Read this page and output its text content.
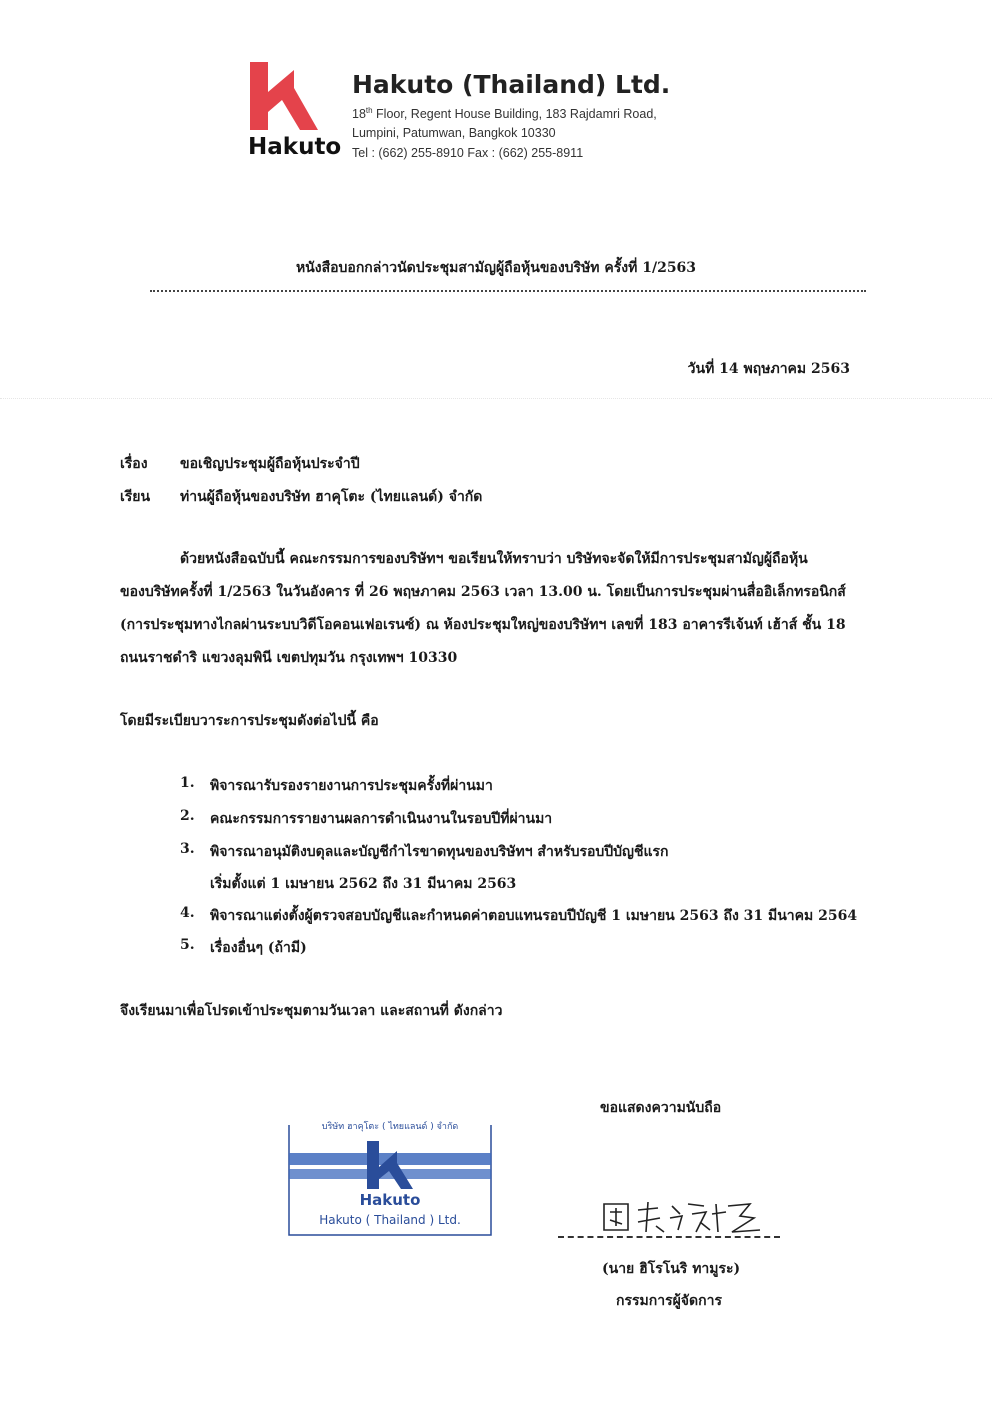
Hakuto
Hakuto (Thailand) Ltd.
18th Floor, Regent House Building, 183 Rajdamri Road,
Lumpini, Patumwan, Bangkok 10330
Tel : (662) 255-8910 Fax : (662) 255-8911
หนังสือบอกกล่าวนัดประชุมสามัญผู้ถือหุ้นของบริษัท ครั้งที่ 1/2563
วันที่ 14 พฤษภาคม 2563
เรื่อง ขอเชิญประชุมผู้ถือหุ้นประจำปี
เรียน ท่านผู้ถือหุ้นของบริษัท ฮาคุโตะ (ไทยแลนด์) จำกัด
ด้วยหนังสือฉบับนี้ คณะกรรมการของบริษัทฯ ขอเรียนให้ทราบว่า บริษัทจะจัดให้มีการประชุมสามัญผู้ถือหุ้น
ของบริษัทครั้งที่ 1/2563 ในวันอังคาร ที่ 26 พฤษภาคม 2563 เวลา 13.00 น. โดยเป็นการประชุมผ่านสื่ออิเล็กทรอนิกส์
(การประชุมทางไกลผ่านระบบวิดีโอคอนเฟอเรนซ์) ณ ห้องประชุมใหญ่ของบริษัทฯ เลขที่ 183 อาคารรีเจ้นท์ เฮ้าส์ ชั้น 18
ถนนราชดำริ แขวงลุมพินี เขตปทุมวัน กรุงเทพฯ 10330
โดยมีระเบียบวาระการประชุมดังต่อไปนี้ คือ
1. พิจารณารับรองรายงานการประชุมครั้งที่ผ่านมา
2. คณะกรรมการรายงานผลการดำเนินงานในรอบปีที่ผ่านมา
3. พิจารณาอนุมัติงบดุลและบัญชีกำไรขาดทุนของบริษัทฯ สำหรับรอบปีบัญชีแรก
เริ่มตั้งแต่ 1 เมษายน 2562 ถึง 31 มีนาคม 2563
4. พิจารณาแต่งตั้งผู้ตรวจสอบบัญชีและกำหนดค่าตอบแทนรอบปีบัญชี 1 เมษายน 2563 ถึง 31 มีนาคม 2564
5. เรื่องอื่นๆ (ถ้ามี)
จึงเรียนมาเพื่อโปรดเข้าประชุมตามวันเวลา และสถานที่ ดังกล่าว
บริษัท ฮาคุโตะ ( ไทยแลนด์ ) จำกัด
Hakuto
Hakuto ( Thailand ) Ltd.
ขอแสดงความนับถือ
(นาย ฮิโรโนริ ทามูระ)
กรรมการผู้จัดการ
